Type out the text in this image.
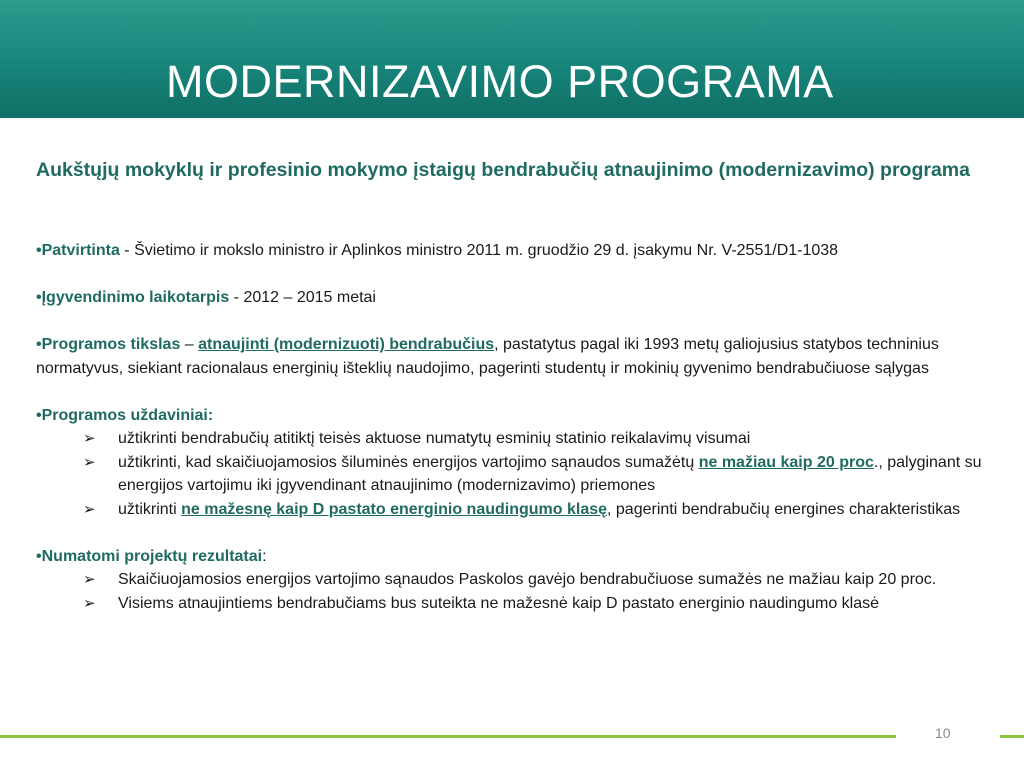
MODERNIZAVIMO PROGRAMA
Aukštųjų mokyklų ir profesinio mokymo įstaigų bendrabučių atnaujinimo (modernizavimo) programa

•Patvirtinta - Švietimo ir mokslo ministro ir Aplinkos ministro 2011 m. gruodžio 29 d. įsakymu Nr. V-2551/D1-1038

•Įgyvendinimo laikotarpis - 2012 – 2015 metai

•Programos tikslas – atnaujinti (modernizuoti) bendrabučius, pastatytus pagal iki 1993 metų galiojusius statybos techninius normatyvus, siekiant racionalaus energinių išteklių naudojimo, pagerinti studentų ir mokinių gyvenimo bendrabučiuose sąlygas

•Programos uždaviniai:

➢ užtikrinti bendrabučių atitiktį teisės aktuose numatytų esminių statinio reikalavimų visumai
➢ užtikrinti, kad skaičiuojamosios šiluminės energijos vartojimo sąnaudos sumažėtų ne mažiau kaip 20 proc., palyginant su energijos vartojimu iki įgyvendinant atnaujinimo (modernizavimo) priemones
➢ užtikrinti ne mažesnę kaip D pastato energinio naudingumo klasę, pagerinti bendrabučių energines charakteristikas

•Numatomi projektų rezultatai:

➢ Skaičiuojamosios energijos vartojimo sąnaudos Paskolos gavėjo bendrabučiuose sumažės ne mažiau kaip 20 proc.
➢ Visiems atnaujintiems bendrabučiams bus suteikta ne mažesnė kaip D pastato energinio naudingumo klasė
10
